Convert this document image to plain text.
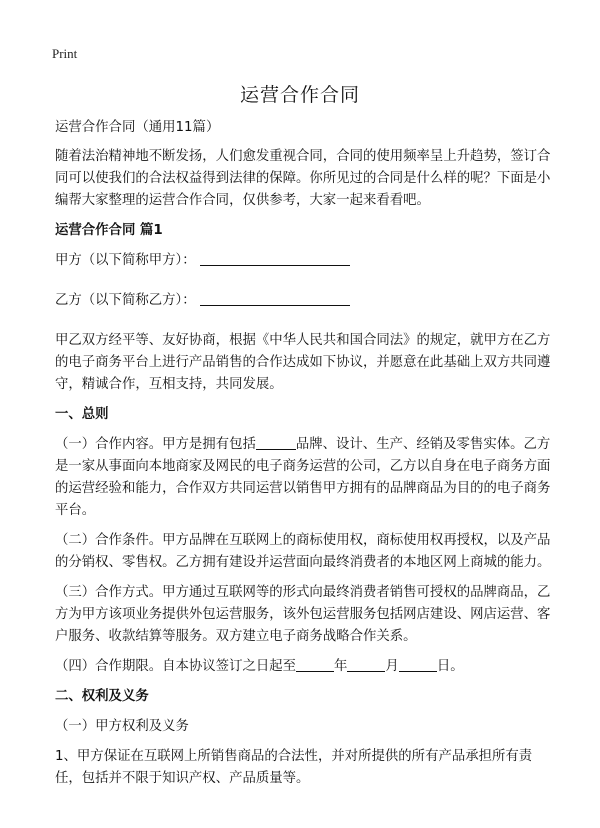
Print
运营合作合同

运营合作合同（通用11篇）

随着法治精神地不断发扬，人们愈发重视合同，合同的使用频率呈上升趋势，签订合同可以使我们的合法权益得到法律的保障。你所见过的合同是什么样的呢？下面是小编帮大家整理的运营合作合同，仅供参考，大家一起来看看吧。

运营合作合同 篇1

甲方（以下简称甲方）：

乙方（以下简称乙方）：

甲乙双方经平等、友好协商，根据《中华人民共和国合同法》的规定，就甲方在乙方的电子商务平台上进行产品销售的合作达成如下协议，并愿意在此基础上双方共同遵守，精诚合作，互相支持，共同发展。

一、总则

（一）合作内容。甲方是拥有包括	品牌、设计、生产、经销及零售实体。乙方是一家从事面向本地商家及网民的电子商务运营的公司，乙方以自身在电子商务方面的运营经验和能力，合作双方共同运营以销售甲方拥有的品牌商品为目的的电子商务平台。

（二）合作条件。甲方品牌在互联网上的商标使用权，商标使用权再授权，以及产品的分销权、零售权。乙方拥有建设并运营面向最终消费者的本地区网上商城的能力。

（三）合作方式。甲方通过互联网等的形式向最终消费者销售可授权的品牌商品，乙方为甲方该项业务提供外包运营服务，该外包运营服务包括网店建设、网店运营、客户服务、收款结算等服务。双方建立电子商务战略合作关系。

（四）合作期限。自本协议签订之日起至	年	月	日。

二、权利及义务

（一）甲方权利及义务

1、甲方保证在互联网上所销售商品的合法性，并对所提供的所有产品承担所有责任，包括并不限于知识产权、产品质量等。
